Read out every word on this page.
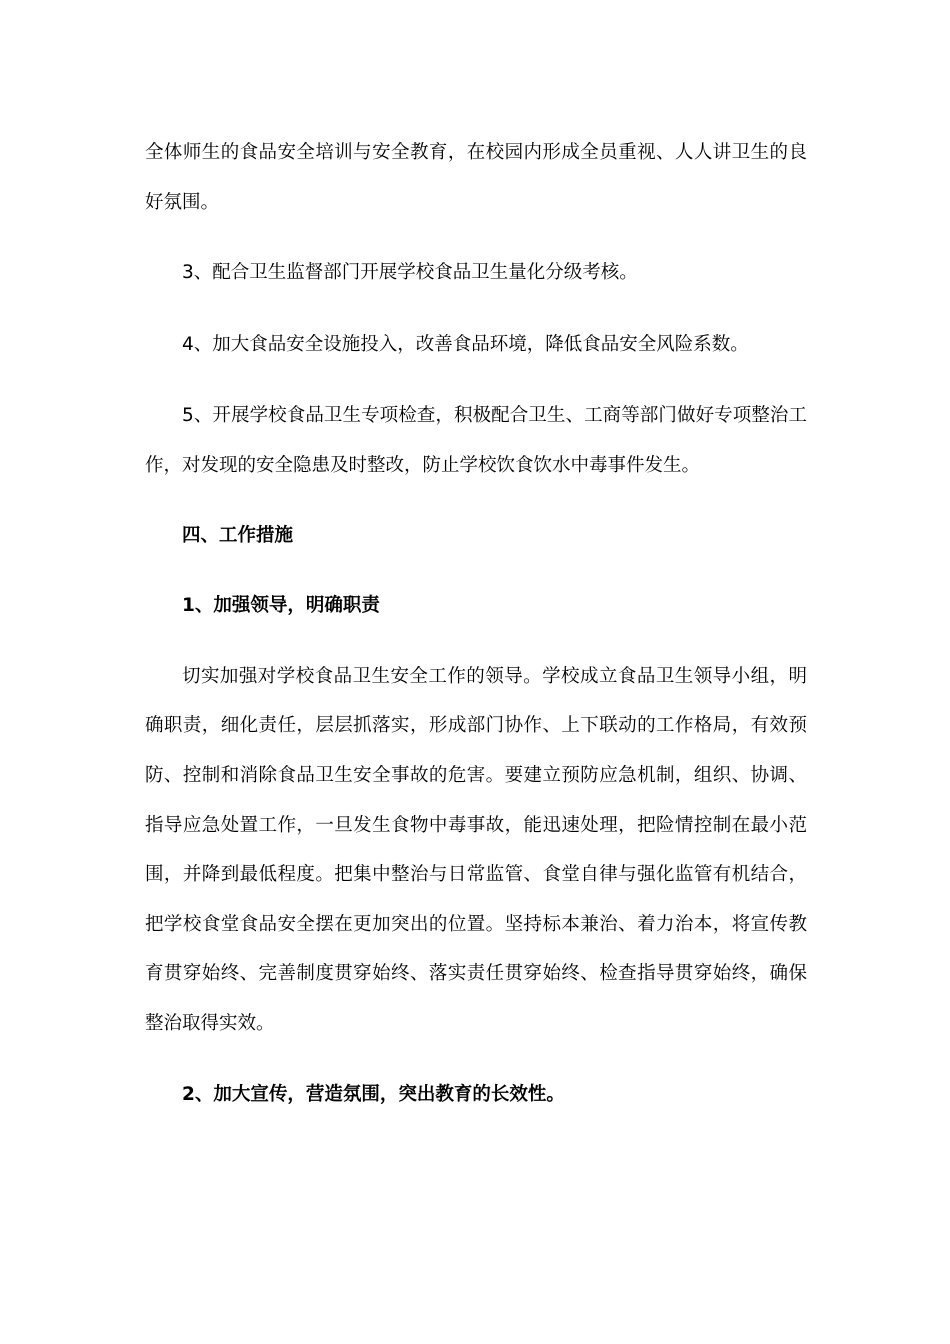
全体师生的食品安全培训与安全教育，在校园内形成全员重视、人人讲卫生的良好氛围。

3、配合卫生监督部门开展学校食品卫生量化分级考核。

4、加大食品安全设施投入，改善食品环境，降低食品安全风险系数。

5、开展学校食品卫生专项检查，积极配合卫生、工商等部门做好专项整治工作，对发现的安全隐患及时整改，防止学校饮食饮水中毒事件发生。

四、工作措施

1、加强领导，明确职责

切实加强对学校食品卫生安全工作的领导。学校成立食品卫生领导小组，明确职责，细化责任，层层抓落实，形成部门协作、上下联动的工作格局，有效预防、控制和消除食品卫生安全事故的危害。要建立预防应急机制，组织、协调、指导应急处置工作，一旦发生食物中毒事故，能迅速处理，把险情控制在最小范围，并降到最低程度。把集中整治与日常监管、食堂自律与强化监管有机结合，把学校食堂食品安全摆在更加突出的位置。坚持标本兼治、着力治本，将宣传教育贯穿始终、完善制度贯穿始终、落实责任贯穿始终、检查指导贯穿始终，确保整治取得实效。

2、加大宣传，营造氛围，突出教育的长效性。
